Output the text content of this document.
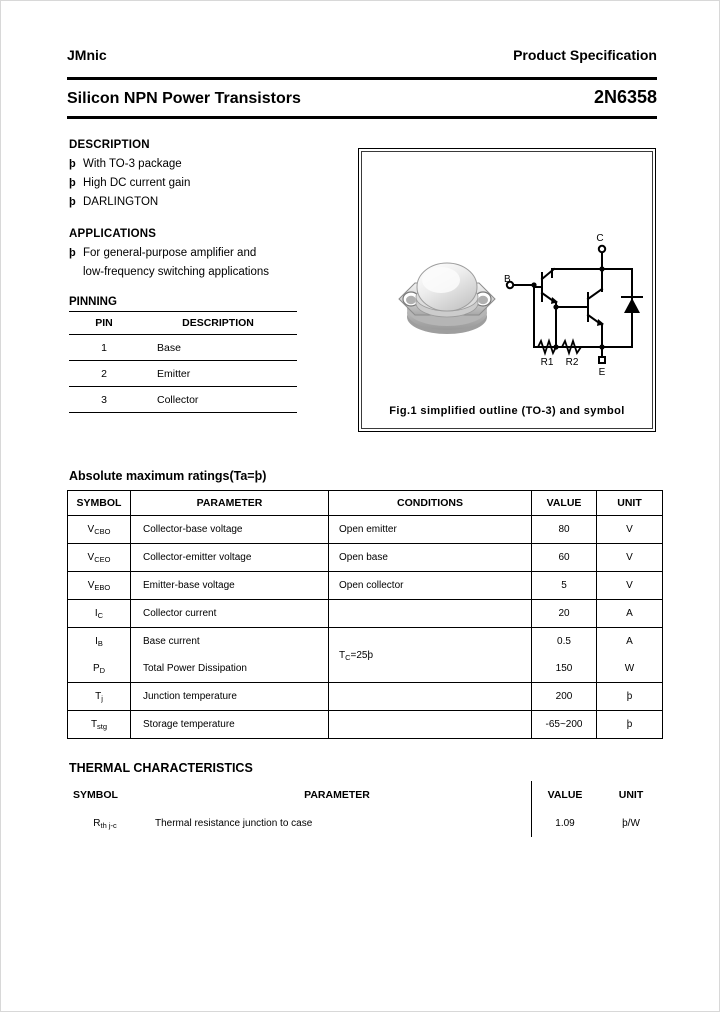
JMnic	Product Specification
Silicon NPN Power Transistors	2N6358
DESCRIPTION
þ With TO-3 package
þ High DC current gain
þ DARLINGTON
APPLICATIONS
þ For general-purpose amplifier and
low-frequency switching applications
PINNING
PIN	DESCRIPTION
1	Base
2	Emitter
3	Collector
C
E
B
R1 R2
Fig.1 simplified outline (TO-3) and symbol
Absolute maximum ratings(Ta=þ)
SYMBOL	PARAMETER	CONDITIONS	VALUE	UNIT
$V_{CBO}$	Collector-base voltage	Open emitter	80	V
$V_{CEO}$	Collector-emitter voltage	Open base	60	V
$V_{EBO}$	Emitter-base voltage	Open collector	5	V
$I_C$	Collector current		20	A
$I_B$	Base current	$T_C=25þ$	0.5	A
$P_D$	Total Power Dissipation		150	W
$T_j$	Junction temperature		200	þ
$T_{stg}$	Storage temperature		-65~200	þ
THERMAL CHARACTERISTICS
SYMBOL	PARAMETER	VALUE	UNIT
$R_{th j-c}$	Thermal resistance junction to case	1.09	þ/W
